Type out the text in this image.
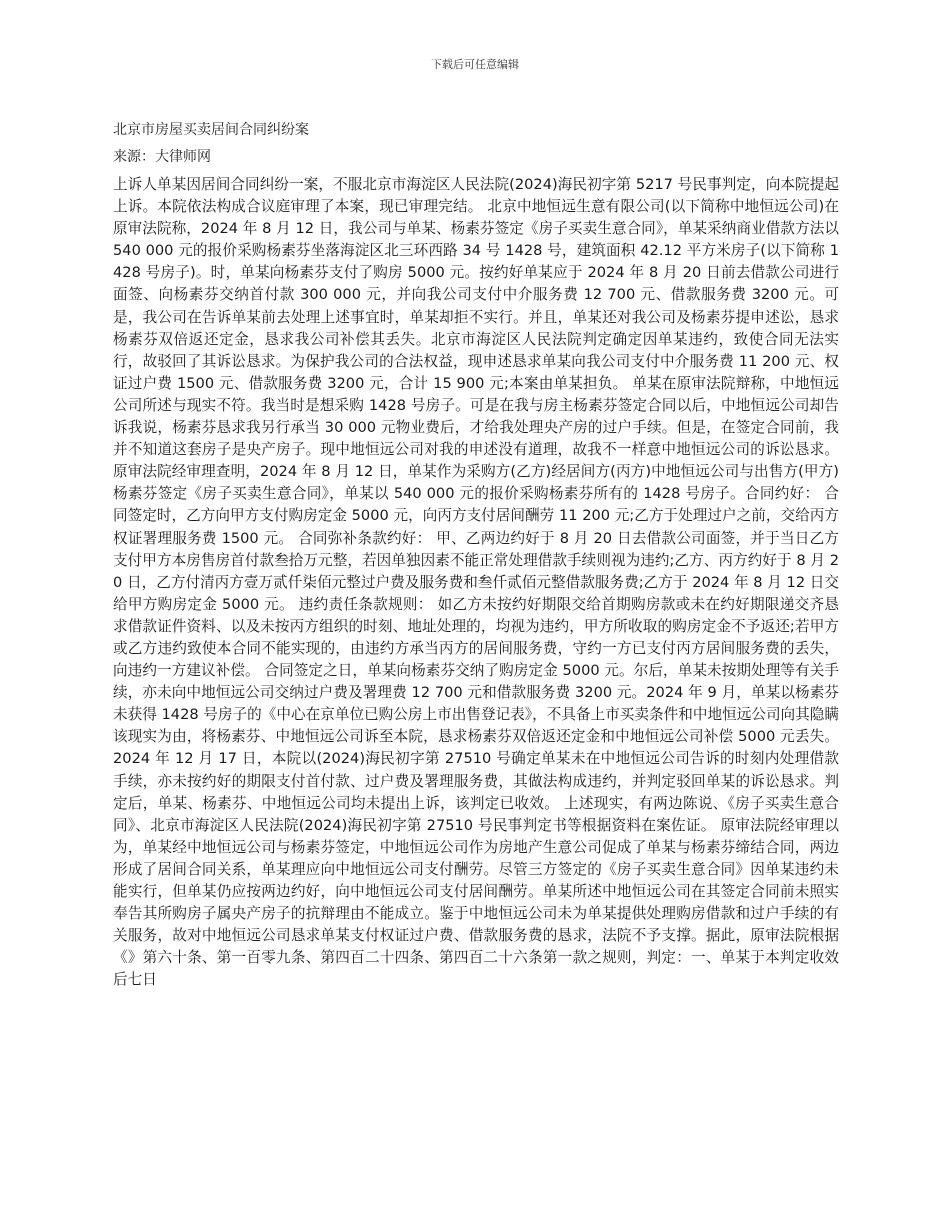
下载后可任意编辑
北京市房屋买卖居间合同纠纷案
来源：大律师网
上诉人单某因居间合同纠纷一案，不服北京市海淀区人民法院(2024)海民初字第 5217 号民事判定，向本院提起上诉。本院依法构成合议庭审理了本案，现已审理完结。 北京中地恒远生意有限公司(以下简称中地恒远公司)在原审法院称，2024 年 8 月 12 日，我公司与单某、杨素芬签定《房子买卖生意合同》，单某采纳商业借款方法以 540 000 元的报价采购杨素芬坐落海淀区北三环西路 34 号 1428 号，建筑面积 42.12 平方米房子(以下简称 1428 号房子)。时，单某向杨素芬支付了购房 5000 元。按约好单某应于 2024 年 8 月 20 日前去借款公司进行面签、向杨素芬交纳首付款 300 000 元，并向我公司支付中介服务费 12 700 元、借款服务费 3200 元。可是，我公司在告诉单某前去处理上述事宜时，单某却拒不实行。并且，单某还对我公司及杨素芬提申述讼，恳求杨素芬双倍返还定金，恳求我公司补偿其丢失。北京市海淀区人民法院判定确定因单某违约，致使合同无法实行，故驳回了其诉讼恳求。为保护我公司的合法权益，现申述恳求单某向我公司支付中介服务费 11 200 元、权证过户费 1500 元、借款服务费 3200 元，合计 15 900 元;本案由单某担负。 单某在原审法院辩称，中地恒远公司所述与现实不符。我当时是想采购 1428 号房子。可是在我与房主杨素芬签定合同以后，中地恒远公司却告诉我说，杨素芬恳求我另行承当 30 000 元物业费后，才给我处理央产房的过户手续。但是，在签定合同前，我并不知道这套房子是央产房子。现中地恒远公司对我的申述没有道理，故我不一样意中地恒远公司的诉讼恳求。 原审法院经审理查明，2024 年 8 月 12 日，单某作为采购方(乙方)经居间方(丙方)中地恒远公司与出售方(甲方)杨素芬签定《房子买卖生意合同》，单某以 540 000 元的报价采购杨素芬所有的 1428 号房子。合同约好： 合同签定时，乙方向甲方支付购房定金 5000 元，向丙方支付居间酬劳 11 200 元;乙方于处理过户之前，交给丙方权证署理服务费 1500 元。 合同弥补条款约好： 甲、乙两边约好于 8 月 20 日去借款公司面签，并于当日乙方支付甲方本房售房首付款叁拾万元整，若因单独因素不能正常处理借款手续则视为违约;乙方、丙方约好于 8 月 20 日，乙方付清丙方壹万贰仟柒佰元整过户费及服务费和叁仟贰佰元整借款服务费;乙方于 2024 年 8 月 12 日交给甲方购房定金 5000 元。 违约责任条款规则： 如乙方未按约好期限交给首期购房款或未在约好期限递交齐恳求借款证件资料、以及未按丙方组织的时刻、地址处理的，均视为违约，甲方所收取的购房定金不予返还;若甲方或乙方违约致使本合同不能实现的，由违约方承当丙方的居间服务费，守约一方已支付丙方居间服务费的丢失，向违约一方建议补偿。 合同签定之日，单某向杨素芬交纳了购房定金 5000 元。尔后，单某未按期处理等有关手续，亦未向中地恒远公司交纳过户费及署理费 12 700 元和借款服务费 3200 元。2024 年 9 月，单某以杨素芬未获得 1428 号房子的《中心在京单位已购公房上市出售登记表》，不具备上市买卖条件和中地恒远公司向其隐瞒该现实为由，将杨素芬、中地恒远公司诉至本院，恳求杨素芬双倍返还定金和中地恒远公司补偿 5000 元丢失。2024 年 12 月 17 日，本院以(2024)海民初字第 27510 号确定单某未在中地恒远公司告诉的时刻内处理借款手续，亦未按约好的期限支付首付款、过户费及署理服务费，其做法构成违约，并判定驳回单某的诉讼恳求。判定后，单某、杨素芬、中地恒远公司均未提出上诉，该判定已收效。 上述现实，有两边陈说、《房子买卖生意合同》、北京市海淀区人民法院(2024)海民初字第 27510 号民事判定书等根据资料在案佐证。 原审法院经审理以为，单某经中地恒远公司与杨素芬签定，中地恒远公司作为房地产生意公司促成了单某与杨素芬缔结合同，两边形成了居间合同关系，单某理应向中地恒远公司支付酬劳。尽管三方签定的《房子买卖生意合同》因单某违约未能实行，但单某仍应按两边约好，向中地恒远公司支付居间酬劳。单某所述中地恒远公司在其签定合同前未照实奉告其所购房子属央产房子的抗辩理由不能成立。鉴于中地恒远公司未为单某提供处理购房借款和过户手续的有关服务，故对中地恒远公司恳求单某支付权证过户费、借款服务费的恳求，法院不予支撑。据此，原审法院根据《》第六十条、第一百零九条、第四百二十四条、第四百二十六条第一款之规则，判定：一、单某于本判定收效后七日
